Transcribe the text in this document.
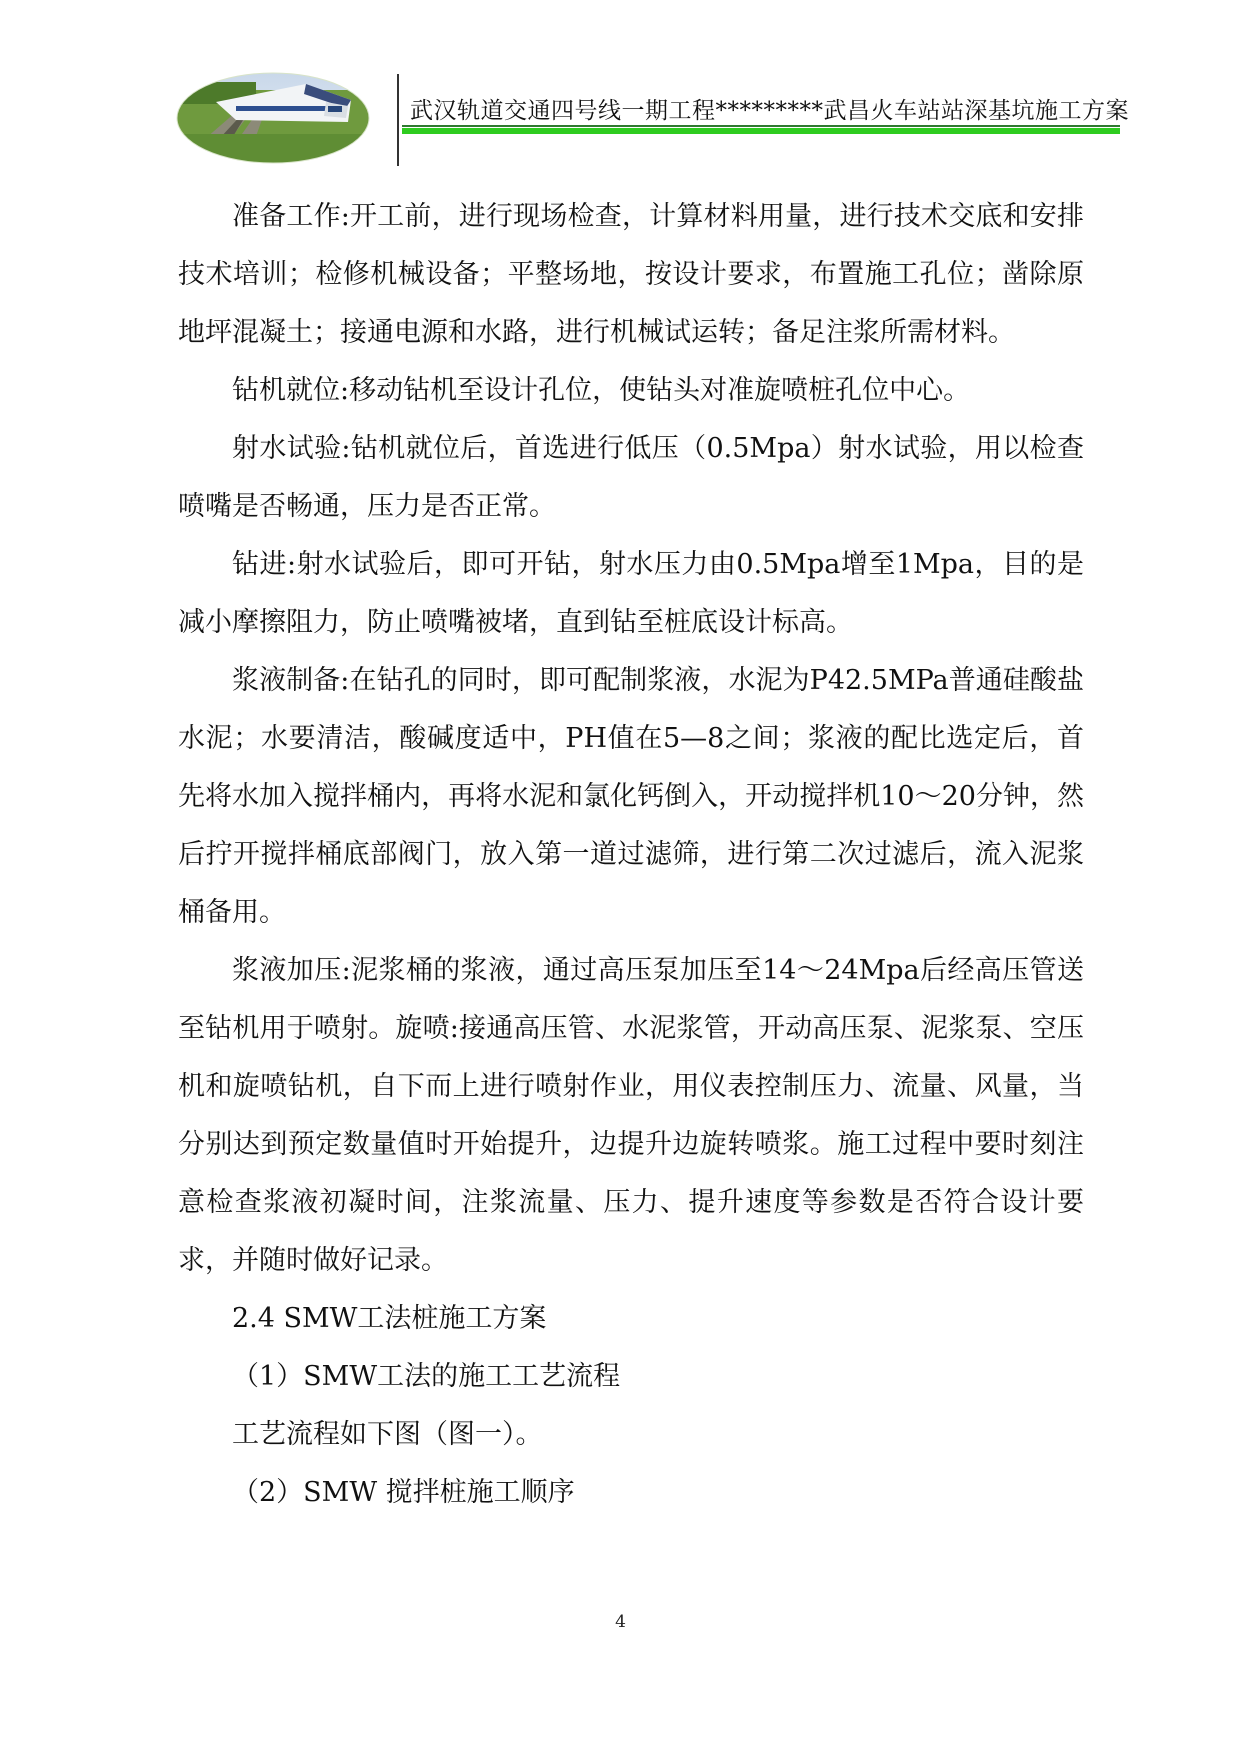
武汉轨道交通四号线一期工程*********武昌火车站站深基坑施工方案

准备工作:开工前，进行现场检查，计算材料用量，进行技术交底和安排技术培训；检修机械设备；平整场地，按设计要求，布置施工孔位；凿除原地坪混凝土；接通电源和水路，进行机械试运转；备足注浆所需材料。

钻机就位:移动钻机至设计孔位，使钻头对准旋喷桩孔位中心。

射水试验:钻机就位后，首选进行低压（0.5Mpa）射水试验，用以检查喷嘴是否畅通，压力是否正常。

钻进:射水试验后，即可开钻，射水压力由0.5Mpa增至1Mpa，目的是减小摩擦阻力，防止喷嘴被堵，直到钻至桩底设计标高。

浆液制备:在钻孔的同时，即可配制浆液，水泥为P42.5MPa普通硅酸盐水泥；水要清洁，酸碱度适中，PH值在5—8之间；浆液的配比选定后，首先将水加入搅拌桶内，再将水泥和氯化钙倒入，开动搅拌机10～20分钟，然后拧开搅拌桶底部阀门，放入第一道过滤筛，进行第二次过滤后，流入泥浆桶备用。

浆液加压:泥浆桶的浆液，通过高压泵加压至14～24Mpa后经高压管送至钻机用于喷射。旋喷:接通高压管、水泥浆管，开动高压泵、泥浆泵、空压机和旋喷钻机，自下而上进行喷射作业，用仪表控制压力、流量、风量，当分别达到预定数量值时开始提升，边提升边旋转喷浆。施工过程中要时刻注意检查浆液初凝时间，注浆流量、压力、提升速度等参数是否符合设计要求，并随时做好记录。

2.4 SMW工法桩施工方案

（1）SMW工法的施工工艺流程

工艺流程如下图（图一）。

（2）SMW 搅拌桩施工顺序

4
